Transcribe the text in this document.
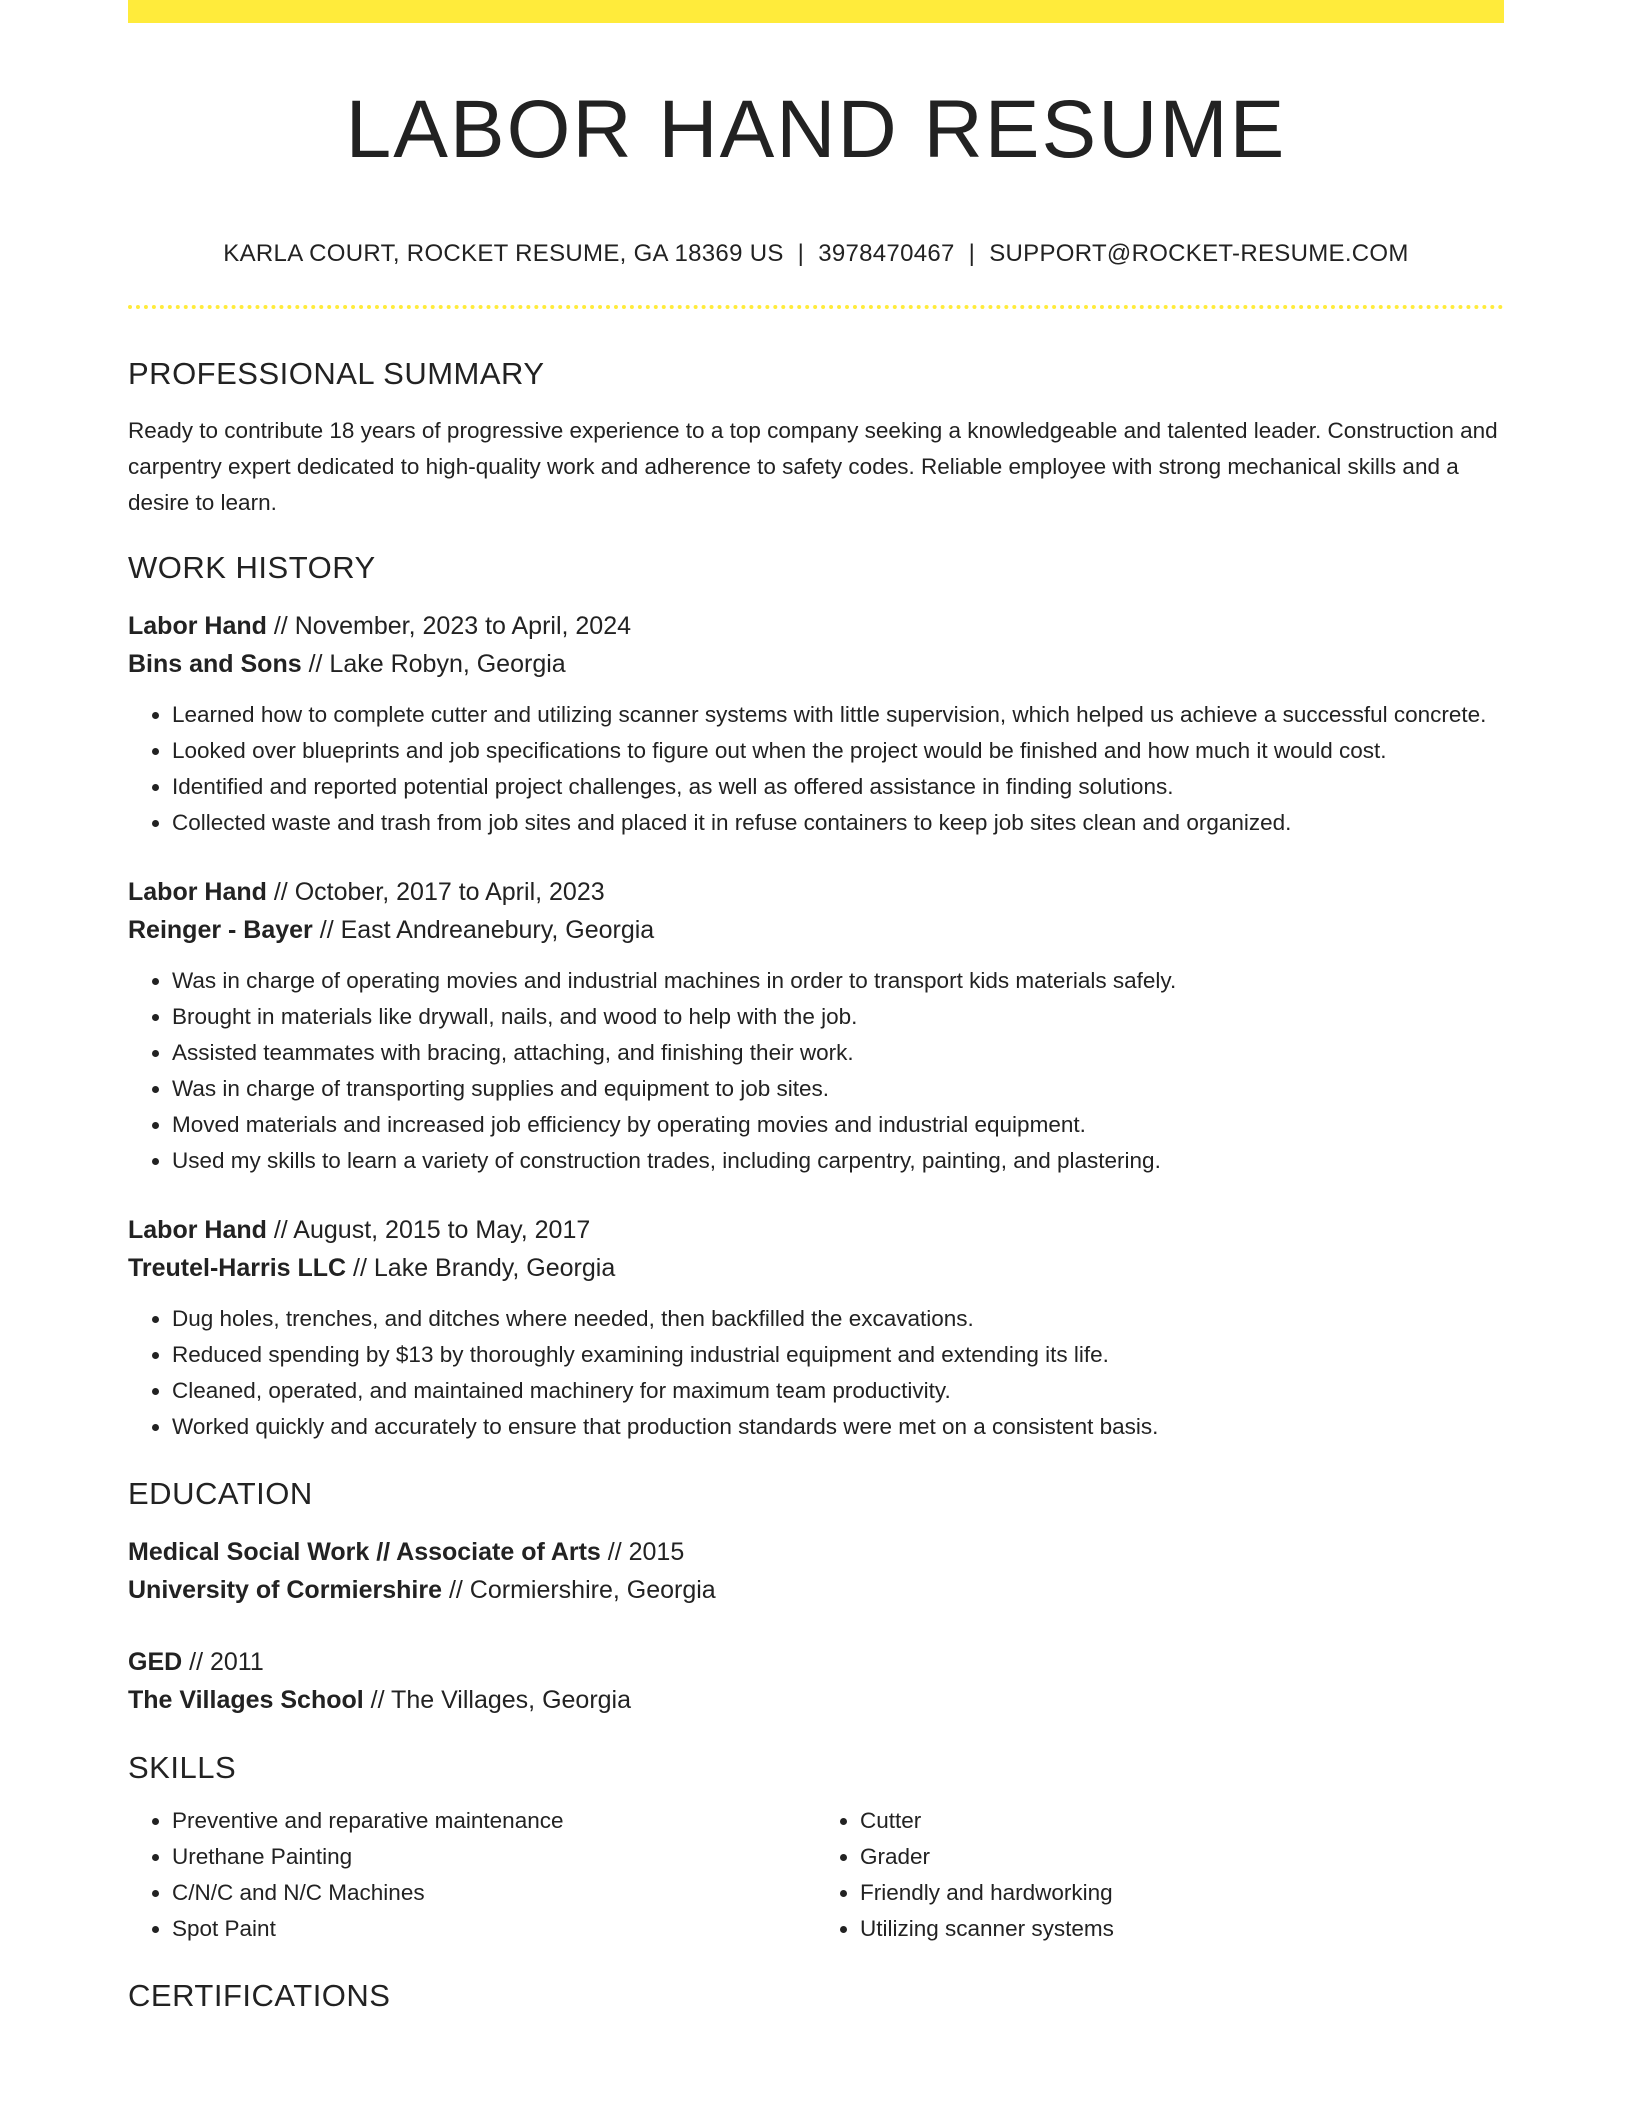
LABOR HAND RESUME
KARLA COURT, ROCKET RESUME, GA 18369 US | 3978470467 | SUPPORT@ROCKET-RESUME.COM
PROFESSIONAL SUMMARY

Ready to contribute 18 years of progressive experience to a top company seeking a knowledgeable and talented leader. Construction and carpentry expert dedicated to high-quality work and adherence to safety codes. Reliable employee with strong mechanical skills and a desire to learn.

WORK HISTORY

Labor Hand // November, 2023 to April, 2024

Bins and Sons // Lake Robyn, Georgia

• Learned how to complete cutter and utilizing scanner systems with little supervision, which helped us achieve a successful concrete.
• Looked over blueprints and job specifications to figure out when the project would be finished and how much it would cost.
• Identified and reported potential project challenges, as well as offered assistance in finding solutions.
• Collected waste and trash from job sites and placed it in refuse containers to keep job sites clean and organized.

Labor Hand // October, 2017 to April, 2023

Reinger - Bayer // East Andreanebury, Georgia

• Was in charge of operating movies and industrial machines in order to transport kids materials safely.
• Brought in materials like drywall, nails, and wood to help with the job.
• Assisted teammates with bracing, attaching, and finishing their work.
• Was in charge of transporting supplies and equipment to job sites.
• Moved materials and increased job efficiency by operating movies and industrial equipment.
• Used my skills to learn a variety of construction trades, including carpentry, painting, and plastering.

Labor Hand // August, 2015 to May, 2017

Treutel-Harris LLC // Lake Brandy, Georgia

• Dug holes, trenches, and ditches where needed, then backfilled the excavations.
• Reduced spending by $13 by thoroughly examining industrial equipment and extending its life.
• Cleaned, operated, and maintained machinery for maximum team productivity.
• Worked quickly and accurately to ensure that production standards were met on a consistent basis.
EDUCATION

Medical Social Work // Associate of Arts // 2015

University of Cormiershire // Cormiershire, Georgia

GED // 2011

The Villages School // The Villages, Georgia

SKILLS
• Preventive and reparative maintenance
• Urethane Painting
• C/N/C and N/C Machines
• Spot Paint
• Cutter
• Grader
• Friendly and hardworking
• Utilizing scanner systems
CERTIFICATIONS
